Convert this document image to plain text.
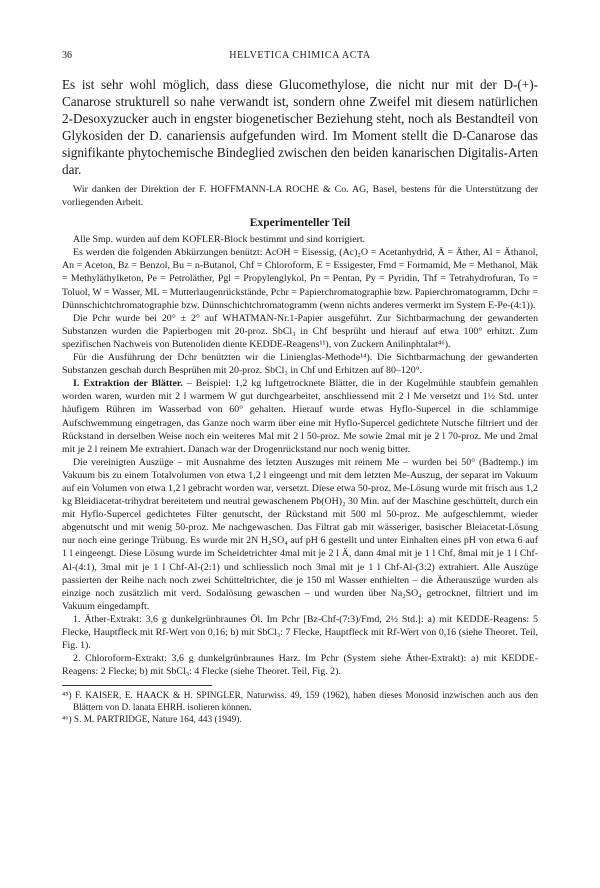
36	HELVETICA CHIMICA ACTA

Es ist sehr wohl möglich, dass diese Glucomethylose, die nicht nur mit der D-(+)-Canarose strukturell so nahe verwandt ist, sondern ohne Zweifel mit diesem natürlichen 2-Desoxyzucker auch in engster biogenetischer Beziehung steht, noch als Bestandteil von Glykosiden der D. canariensis aufgefunden wird. Im Moment stellt die D-Canarose das signifikante phytochemische Bindeglied zwischen den beiden kanarischen Digitalis-Arten dar.

Wir danken der Direktion der F. HOFFMANN-LA ROCHE & Co. AG, Basel, bestens für die Unterstützung der vorliegenden Arbeit.

Experimenteller Teil

Alle Smp. wurden auf dem KOFLER-Block bestimmt und sind korrigiert.

Es werden die folgenden Abkürzungen benützt: AcOH = Eisessig, (Ac)₂O = Acetanhydrid, Ä = Äther, Al = Äthanol, An = Aceton, Bz = Benzol, Bu = n-Butanol, Chf = Chloroform, E = Essigester, Fmd = Formamid, Me = Methanol, Mäk = Methyläthylketon, Pe = Petroläther, Pgl = Propylenglykol, Pn = Pentan, Py = Pyridin, Thf = Tetrahydrofuran, To = Toluol, W = Wasser, ML = Mutterlaugenrückstände, Pchr = Papierchromatographie bzw. Papierchromatogramm, Dchr = Dünnschichtchromatographie bzw. Dünnschichtchromatogramm (wenn nichts anderes vermerkt im System E-Pe-(4:1)).

Die Pchr wurde bei 20° ± 2° auf WHATMAN-Nr.1-Papier ausgeführt. Zur Sichtbarmachung der gewanderten Substanzen wurden die Papierbogen mit 20-proz. SbCl₃ in Chf besprüht und hierauf auf etwa 100° erhitzt. Zum spezifischen Nachweis von Butenoliden diente KEDDE-Reagens¹¹), von Zuckern Anilinphtalat⁴⁶).

Für die Ausführung der Dchr benützten wir die Linienglas-Methode¹⁴). Die Sichtbarmachung der gewanderten Substanzen geschah durch Besprühen mit 20-proz. SbCl₃ in Chf und Erhitzen auf 80–120°.

I. Extraktion der Blätter. – Beispiel: 1,2 kg luftgetrocknete Blätter, die in der Kugelmühle staubfein gemahlen worden waren, wurden mit 2 l warmem W gut durchgearbeitet, anschliessend mit 2 l Me versetzt und 1½ Std. unter häufigem Rühren im Wasserbad von 60° gehalten. Hierauf wurde etwas Hyflo-Supercel in die schlammige Aufschwemmung eingetragen, das Ganze noch warm über eine mit Hyflo-Supercel gedichtete Nutsche filtriert und der Rückstand in derselben Weise noch ein weiteres Mal mit 2 l 50-proz. Me sowie 2mal mit je 2 l 70-proz. Me und 2mal mit je 2 l reinem Me extrahiert. Danach war der Drogenrückstand nur noch wenig bitter.

Die vereinigten Auszüge – mit Ausnahme des letzten Auszuges mit reinem Me – wurden bei 50° (Badtemp.) im Vakuum bis zu einem Totalvolumen von etwa 1,2 l eingeengt und mit dem letzten Me-Auszug, der separat im Vakuum auf ein Volumen von etwa 1,2 l gebracht worden war, versetzt. Diese etwa 50-proz. Me-Lösung wurde mit frisch aus 1,2 kg Bleidiacetat-trihydrat bereitetem und neutral gewaschenem Pb(OH)₂ 30 Min. auf der Maschine geschüttelt, durch ein mit Hyflo-Supercel gedichtetes Filter genutscht, der Rückstand mit 500 ml 50-proz. Me aufgeschlemmt, wieder abgenutscht und mit wenig 50-proz. Me nachgewaschen. Das Filtrat gab mit wässeriger, basischer Bleiacetat-Lösung nur noch eine geringe Trübung. Es wurde mit 2N H₂SO₄ auf pH 6 gestellt und unter Einhalten eines pH von etwa 6 auf 1 l eingeengt. Diese Lösung wurde im Scheidetrichter 4mal mit je 2 l Ä, dann 4mal mit je 1 l Chf, 8mal mit je 1 l Chf-Al-(4:1), 3mal mit je 1 l Chf-Al-(2:1) und schliesslich noch 3mal mit je 1 l Chf-Al-(3:2) extrahiert. Alle Auszüge passierten der Reihe nach noch zwei Schütteltrichter, die je 150 ml Wasser enthielten – die Ätherauszüge wurden als einzige noch zusätzlich mit verd. Sodalösung gewaschen – und wurden über Na₂SO₄ getrocknet, filtriert und im Vakuum eingedampft.

1. Äther-Extrakt: 3,6 g dunkelgrünbraunes Öl. Im Pchr [Bz-Chf-(7:3)/Fmd, 2½ Std.]: a) mit KEDDE-Reagens: 5 Flecke, Hauptfleck mit Rf-Wert von 0,16; b) mit SbCl₃: 7 Flecke, Hauptfleck mit Rf-Wert von 0,16 (siehe Theoret. Teil, Fig. 1).

2. Chloroform-Extrakt: 3,6 g dunkelgrünbraunes Harz. Im Pchr (System siehe Äther-Extrakt): a) mit KEDDE-Reagens: 2 Flecke; b) mit SbCl₃: 4 Flecke (siehe Theoret. Teil, Fig. 2).

⁴⁵) F. KAISER, E. HAACK & H. SPINGLER, Naturwiss. 49, 159 (1962), haben dieses Monosid inzwischen auch aus den Blättern von D. lanata EHRH. isolieren können.

⁴⁶) S. M. PARTRIDGE, Nature 164, 443 (1949).
